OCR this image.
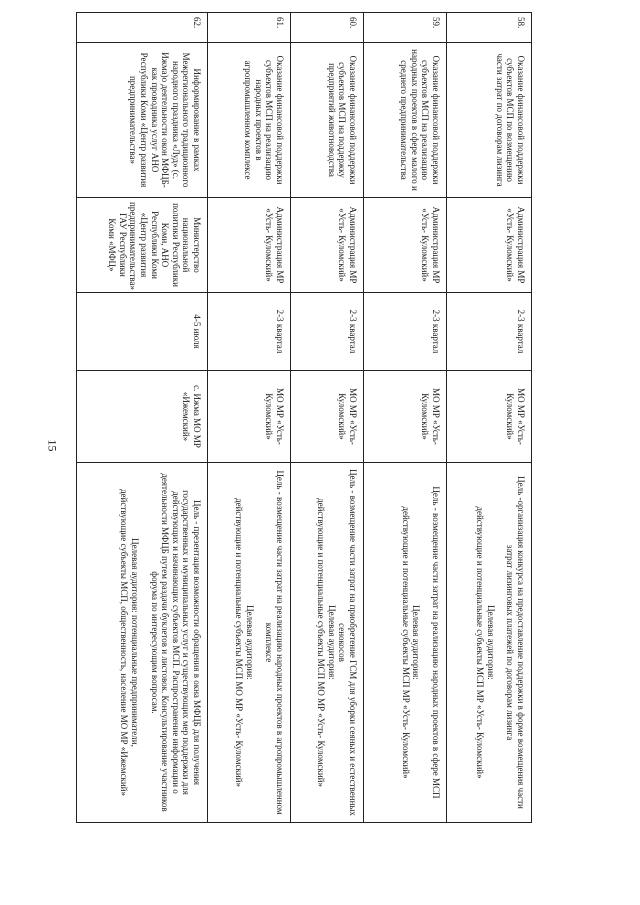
15
58.	Оказание финансовой поддержки субъектов МСП по возмещению части затрат по договорам лизинга	Администрация МР «Усть- Куломский»	2-3 квартал	МО МР «Усть- Куломский»	Цель -организация конкурса на предоставление поддержки в форме возмещения части затрат лизинговых платежей по договорам лизинга
Целевая аудитория:
действующие и потенциальные субъекты МСП МР «Усть- Куломский»

59.	Оказание финансовой поддержки субъектов МСП на реализацию народных проектов в сфере малого и среднего предпринимательства	Администрация МР «Усть- Куломский»	2-3 квартал	МО МР «Усть- Куломский»	Цель - возмещение части затрат на реализацию народных проектов в сфере МСП
Целевая аудитория:
действующие и потенциальные субъекты МСП МР «Усть- Куломский»

60.	Оказание финансовой поддержки субъектов МСП на поддержку предприятий животноводства	Администрация МР «Усть- Куломский»	2-3 квартал	МО МР «Усть- Куломский»	Цель - возмещение части затрат на приобретение ГСМ для уборки сеяных и естественных сенокосов
Целевая аудитория:
действующие и потенциальные субъекты МСП МО МР «Усть- Куломский»

61.	Оказание финансовой поддержки субъектов МСП на реализацию народных проектов в агропромышленном комплексе	Администрация МР «Усть- Куломский»	2-3 квартал	МО МР «Усть- Куломский»	Цель - возмещение части затрат на реализацию народных проектов в агропромышленном комплексе
Целевая аудитория:
действующие и потенциальные субъекты МСП МО МР «Усть- Куломский»

62.	Информирование в рамках Межрегионального традиционного народного праздника «Луд» (с. Ижма)о деятельности окон МФЦБ- как проводника услуг АНО Республики Коми «Центр развития предпринимательства»	Министерство национальной политики Республики Коми, АНО Республики Коми «Центр развития предпринимательства» ГАУ Республики Коми «МФЦ»	4-5 июля	с. Ижма МО МР «Ижемский»	Цель - презентация возможности обращения в окна МФЦБ для получения государственных и муниципальных услуг и существующих мер поддержки для действующих и начинающих субъектов МСП. Распространение информации о деятельности МФЦБ путем раздачи буклетов и листовок. Консультирование участников форума по интересующим вопросам.
Целевая аудитория: потенциальные предприниматели,
действующие субъекты МСП, общественность, население МО МР «Ижемский»
